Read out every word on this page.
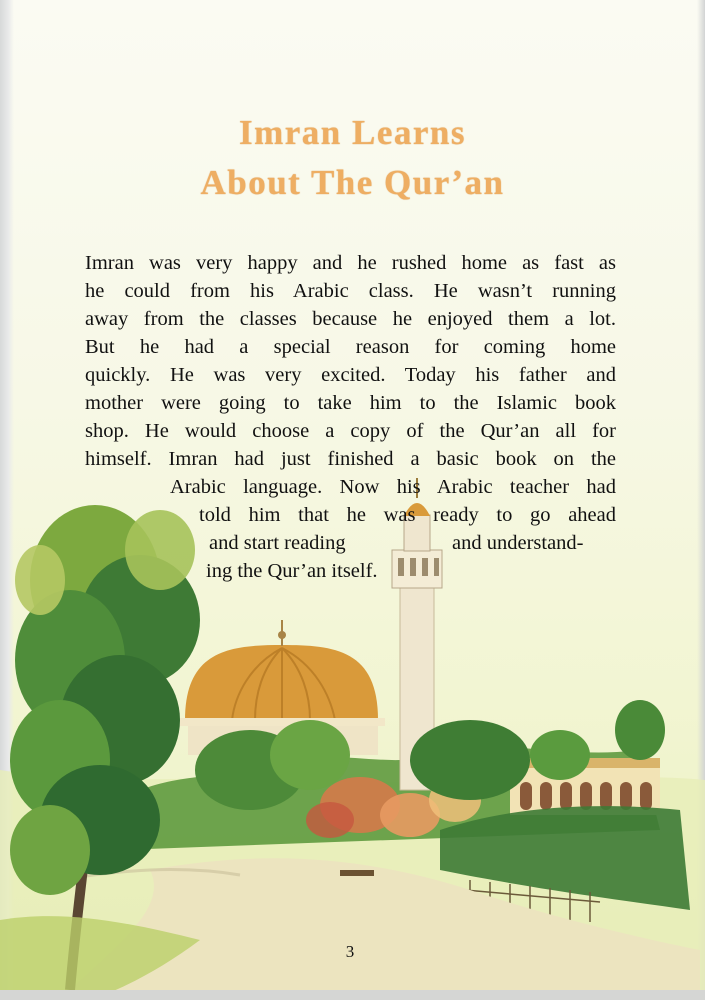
Imran Learns
About The Qur’an
Imran was very happy and he rushed home as fast as
he could from his Arabic class. He wasn’t running
away from the classes because he enjoyed them a lot.
But he had a special reason for coming home
quickly. He was very excited. Today his father and
mother were going to take him to the Islamic book
shop. He would choose a copy of the Qur’an all for
himself. Imran had just finished a basic book on the
Arabic language. Now his Arabic teacher had
told him that he was ready to go ahead
and start reading	and understand-
ing the Qur’an itself.
3
